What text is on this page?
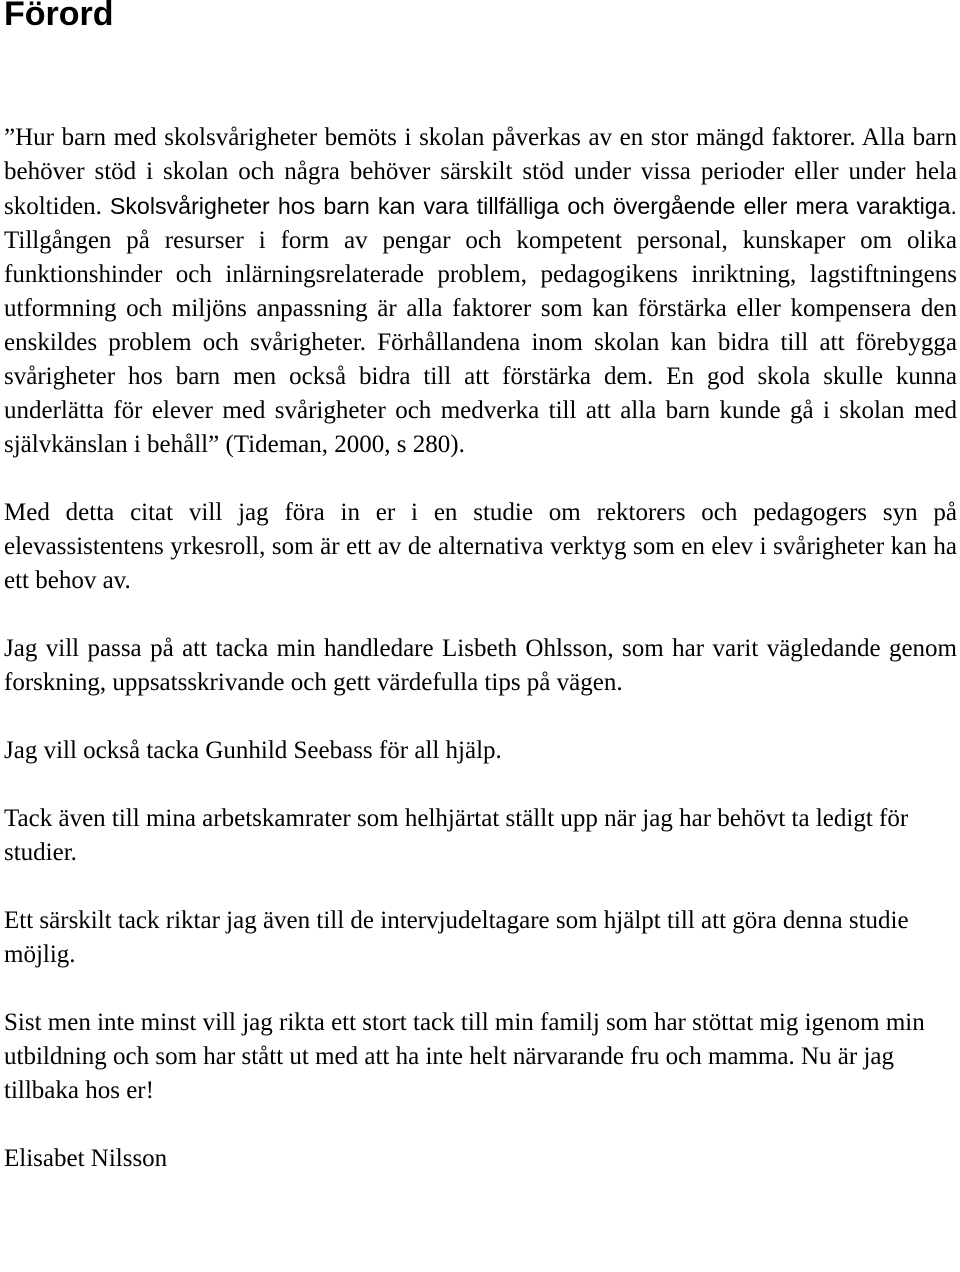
Förord

”Hur barn med skolsvårigheter bemöts i skolan påverkas av en stor mängd faktorer. Alla barn behöver stöd i skolan och några behöver särskilt stöd under vissa perioder eller under hela skoltiden. Skolsvårigheter hos barn kan vara tillfälliga och övergående eller mera varaktiga. Tillgången på resurser i form av pengar och kompetent personal, kunskaper om olika funktionshinder och inlärningsrelaterade problem, pedagogikens inriktning, lagstiftningens utformning och miljöns anpassning är alla faktorer som kan förstärka eller kompensera den enskildes problem och svårigheter. Förhållandena inom skolan kan bidra till att förebygga svårigheter hos barn men också bidra till att förstärka dem. En god skola skulle kunna underlätta för elever med svårigheter och medverka till att alla barn kunde gå i skolan med självkänslan i behåll” (Tideman, 2000, s 280).

Med detta citat vill jag föra in er i en studie om rektorers och pedagogers syn på elevassistentens yrkesroll, som är ett av de alternativa verktyg som en elev i svårigheter kan ha ett behov av.

Jag vill passa på att tacka min handledare Lisbeth Ohlsson, som har varit vägledande genom forskning, uppsatsskrivande och gett värdefulla tips på vägen.

Jag vill också tacka Gunhild Seebass för all hjälp.

Tack även till mina arbetskamrater som helhjärtat ställt upp när jag har behövt ta ledigt för studier.

Ett särskilt tack riktar jag även till de intervjudeltagare som hjälpt till att göra denna studie möjlig.

Sist men inte minst vill jag rikta ett stort tack till min familj som har stöttat mig igenom min utbildning och som har stått ut med att ha inte helt närvarande fru och mamma. Nu är jag tillbaka hos er!

Elisabet Nilsson
